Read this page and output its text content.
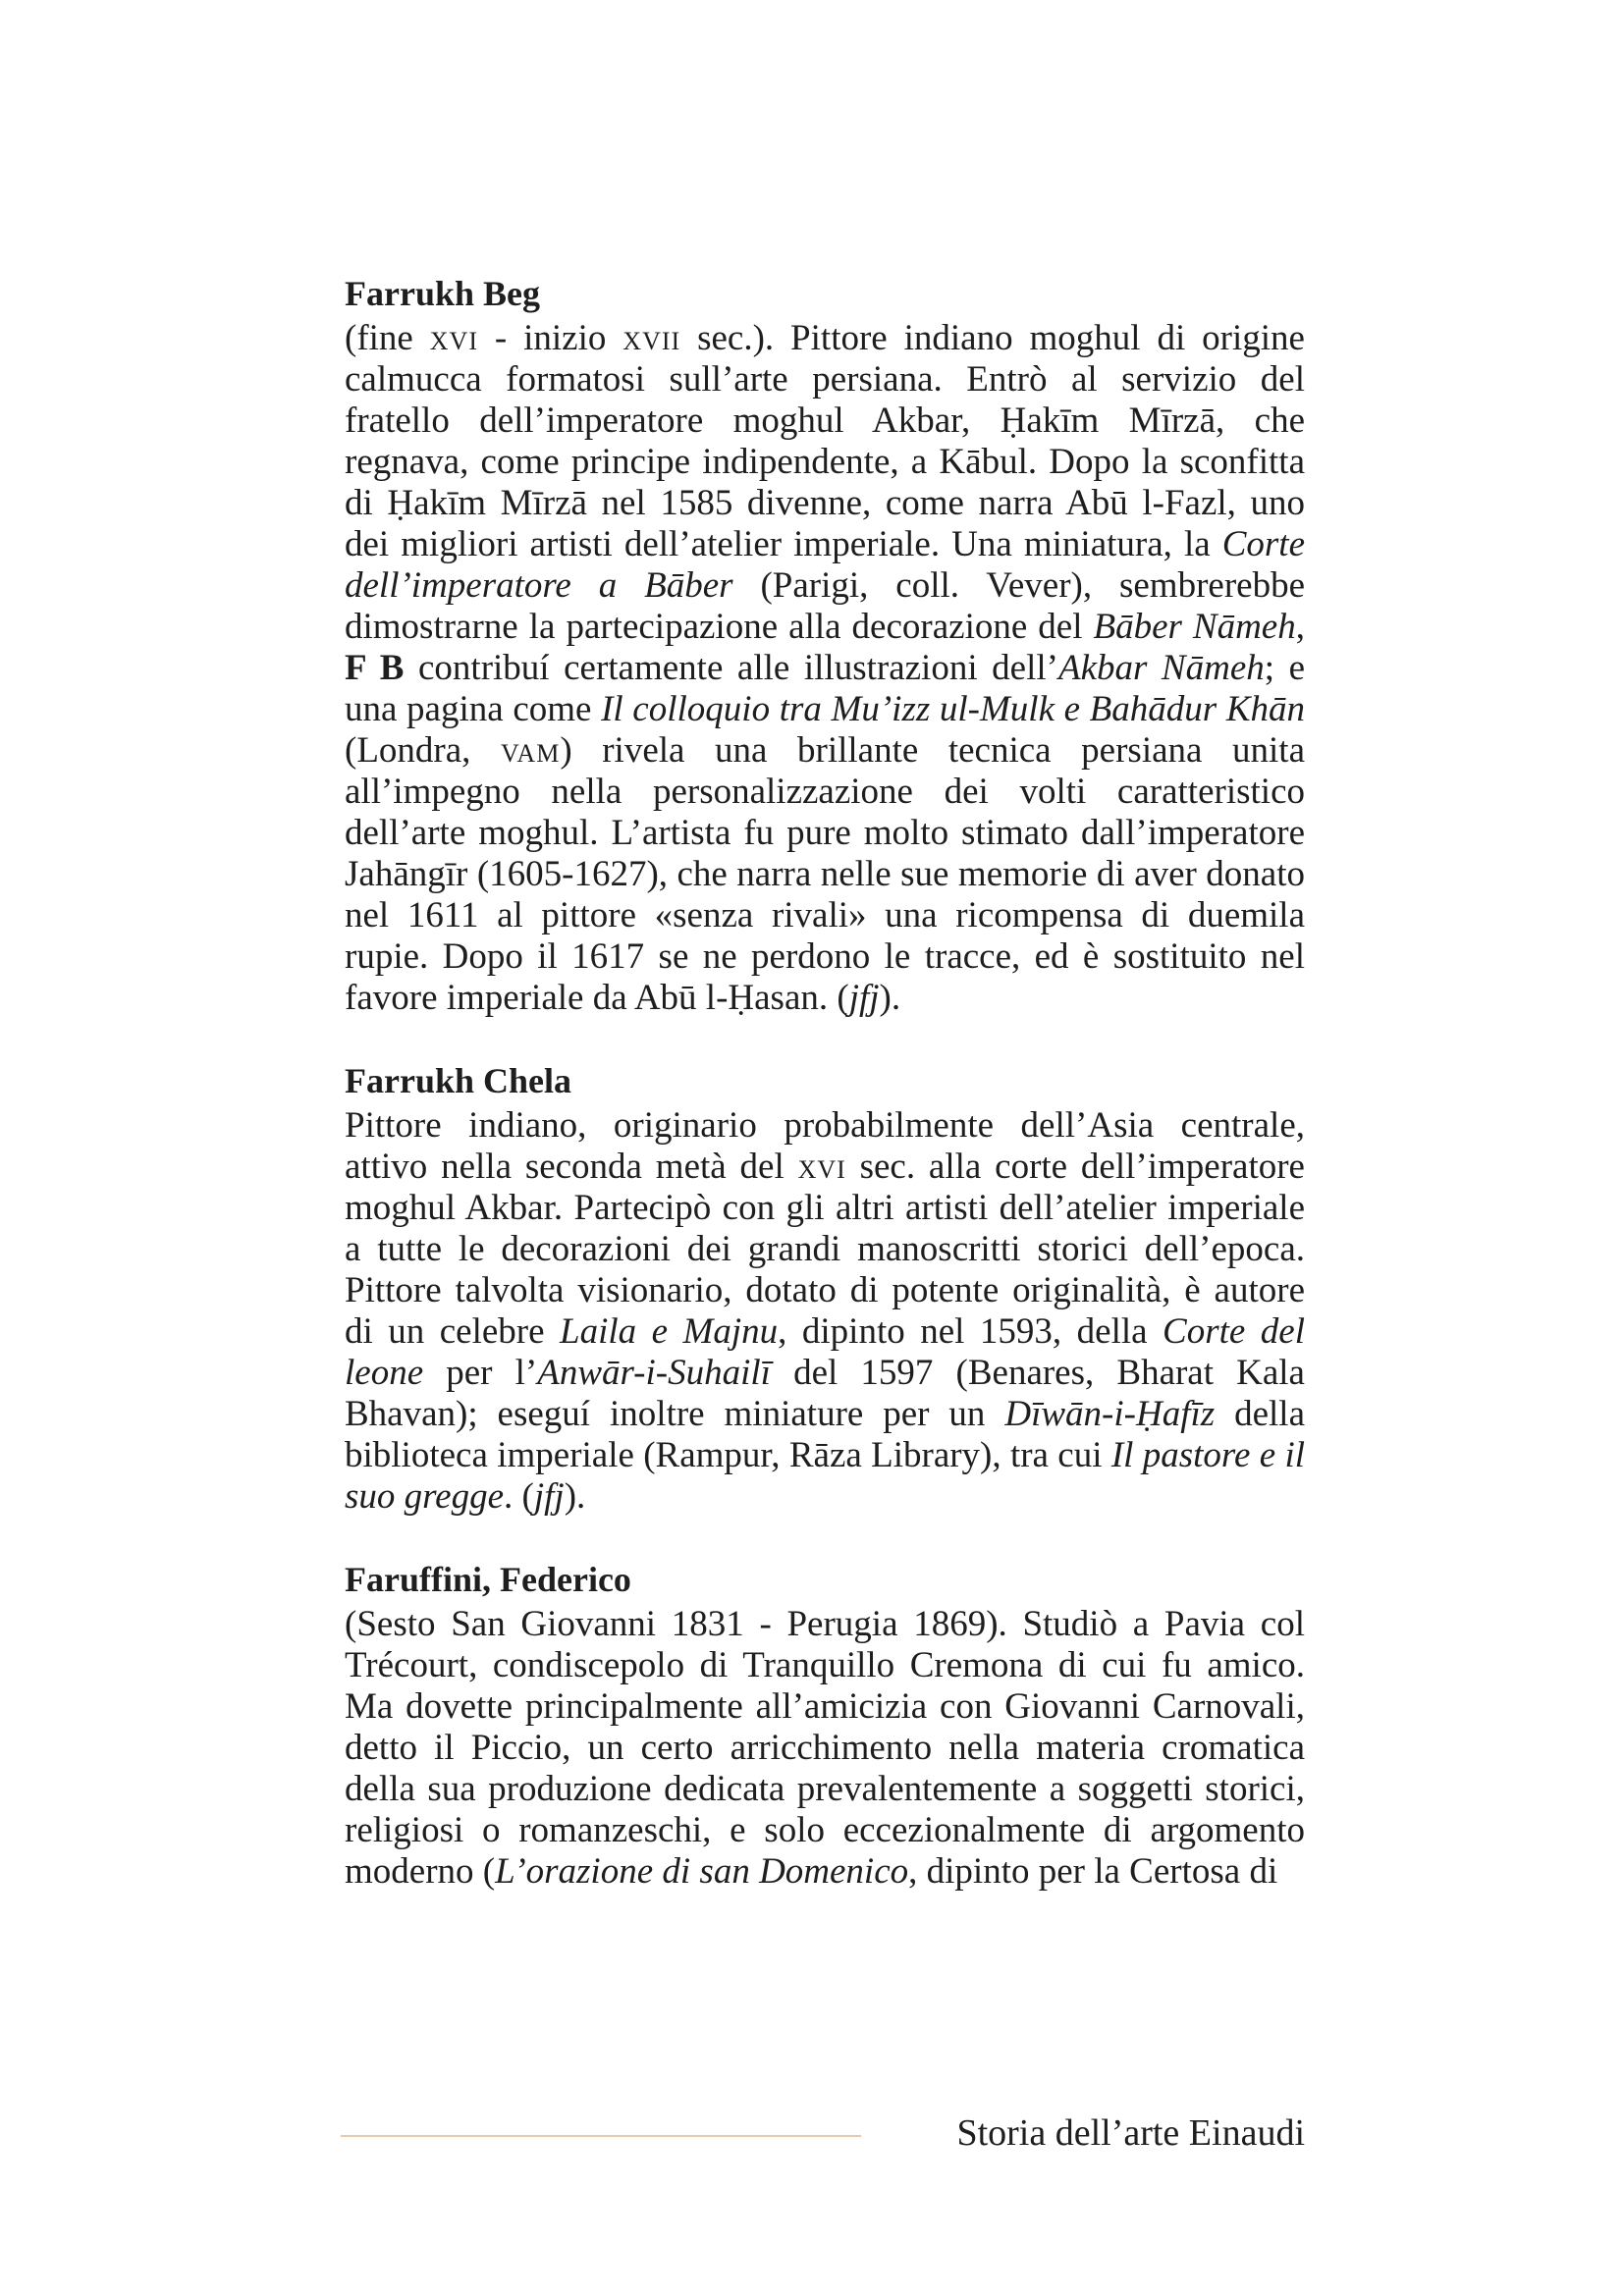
Farrukh Beg

(fine xvi - inizio xvii sec.). Pittore indiano moghul di origine calmucca formatosi sull’arte persiana. Entrò al servizio del fratello dell’imperatore moghul Akbar, Ḥakīm Mīrzā, che regnava, come principe indipendente, a Kābul. Dopo la sconfitta di Ḥakīm Mīrzā nel 1585 divenne, come narra Abū l-Fazl, uno dei migliori artisti dell’atelier imperiale. Una miniatura, la Corte dell’imperatore a Bāber (Parigi, coll. Vever), sembrerebbe dimostrarne la partecipazione alla decorazione del Bāber Nāmeh, F B contribuí certamente alle illustrazioni dell’Akbar Nāmeh; e una pagina come Il colloquio tra Mu’izz ul-Mulk e Bahādur Khān (Londra, vam) rivela una brillante tecnica persiana unita all’impegno nella personalizzazione dei volti caratteristico dell’arte moghul. L’artista fu pure molto stimato dall’imperatore Jahāngīr (1605-1627), che narra nelle sue memorie di aver donato nel 1611 al pittore «senza rivali» una ricompensa di duemila rupie. Dopo il 1617 se ne perdono le tracce, ed è sostituito nel favore imperiale da Abū l-Ḥasan. (jfj).

Farrukh Chela

Pittore indiano, originario probabilmente dell’Asia centrale, attivo nella seconda metà del xvi sec. alla corte dell’imperatore moghul Akbar. Partecipò con gli altri artisti dell’atelier imperiale a tutte le decorazioni dei grandi manoscritti storici dell’epoca. Pittore talvolta visionario, dotato di potente originalità, è autore di un celebre Laila e Majnu, dipinto nel 1593, della Corte del leone per l’Anwār-i-Suhailī del 1597 (Benares, Bharat Kala Bhavan); eseguí inoltre miniature per un Dīwān-i-Ḥafīz della biblioteca imperiale (Rampur, Rāza Library), tra cui Il pastore e il suo gregge. (jfj).

Faruffini, Federico

(Sesto San Giovanni 1831 - Perugia 1869). Studiò a Pavia col Trécourt, condiscepolo di Tranquillo Cremona di cui fu amico. Ma dovette principalmente all’amicizia con Giovanni Carnovali, detto il Piccio, un certo arricchimento nella materia cromatica della sua produzione dedicata prevalentemente a soggetti storici, religiosi o romanzeschi, e solo eccezionalmente di argomento moderno (L’orazione di san Domenico, dipinto per la Certosa di

Storia dell’arte Einaudi
